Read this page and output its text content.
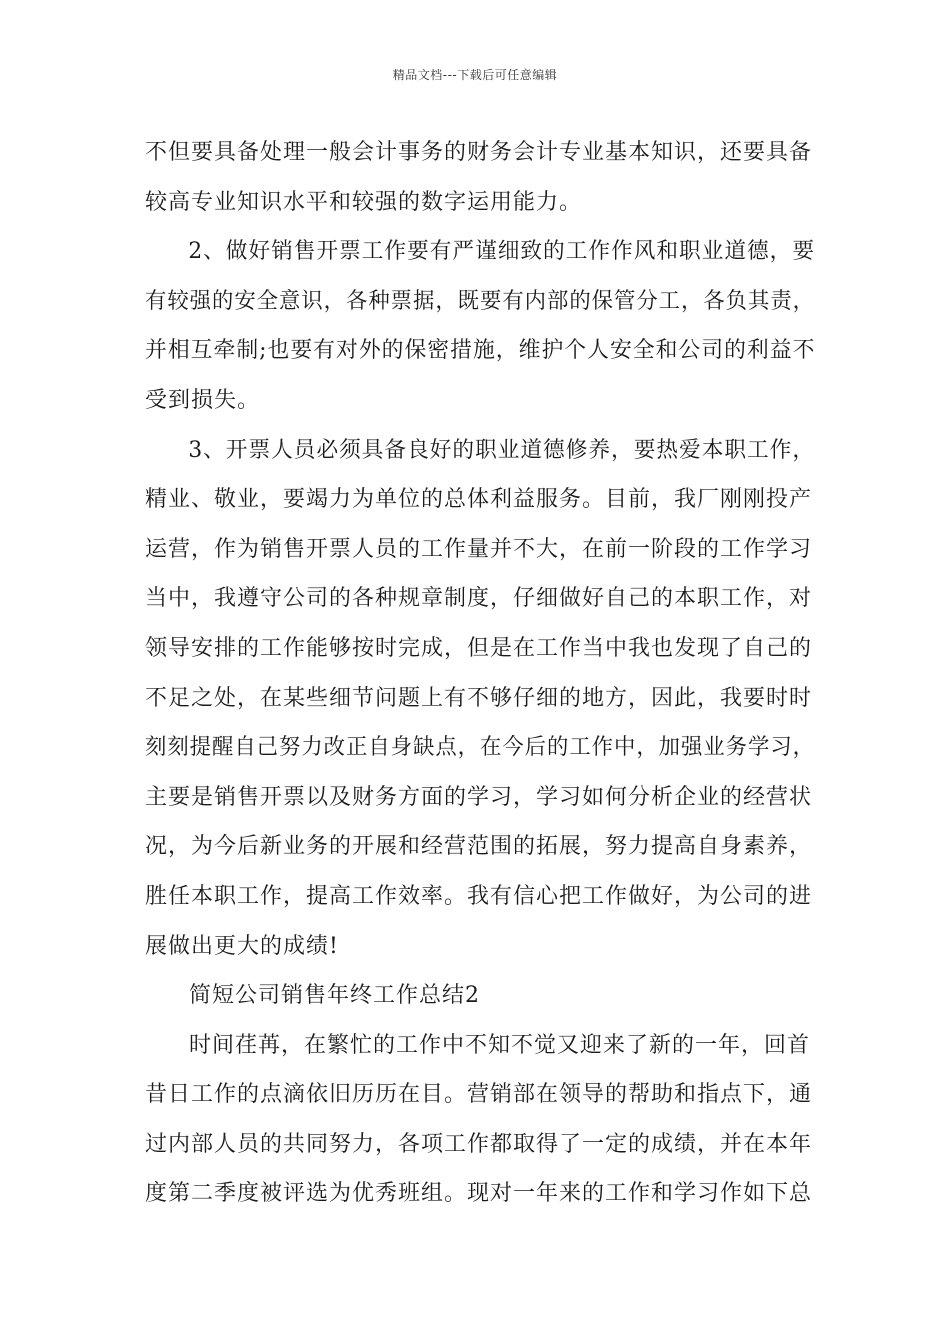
精品文档---下载后可任意编辑
不但要具备处理一般会计事务的财务会计专业基本知识，还要具备
较高专业知识水平和较强的数字运用能力。
2、做好销售开票工作要有严谨细致的工作作风和职业道德，要
有较强的安全意识，各种票据，既要有内部的保管分工，各负其责，
并相互牵制;也要有对外的保密措施，维护个人安全和公司的利益不
受到损失。
3、开票人员必须具备良好的职业道德修养，要热爱本职工作，
精业、敬业，要竭力为单位的总体利益服务。目前，我厂刚刚投产
运营，作为销售开票人员的工作量并不大，在前一阶段的工作学习
当中，我遵守公司的各种规章制度，仔细做好自己的本职工作，对
领导安排的工作能够按时完成，但是在工作当中我也发现了自己的
不足之处，在某些细节问题上有不够仔细的地方，因此，我要时时
刻刻提醒自己努力改正自身缺点，在今后的工作中，加强业务学习，
主要是销售开票以及财务方面的学习，学习如何分析企业的经营状
况，为今后新业务的开展和经营范围的拓展，努力提高自身素养，
胜任本职工作，提高工作效率。我有信心把工作做好，为公司的进
展做出更大的成绩!
简短公司销售年终工作总结2
时间荏苒，在繁忙的工作中不知不觉又迎来了新的一年，回首
昔日工作的点滴依旧历历在目。营销部在领导的帮助和指点下，通
过内部人员的共同努力，各项工作都取得了一定的成绩，并在本年
度第二季度被评选为优秀班组。现对一年来的工作和学习作如下总
